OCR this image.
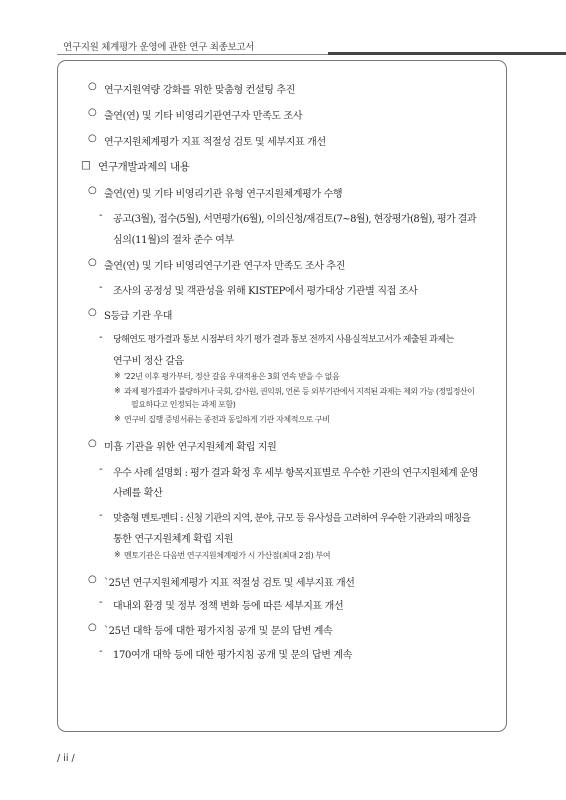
연구지원 체계평가 운영에 관한 연구 최종보고서
○ 연구지원역량 강화를 위한 맞춤형 컨설팅 추진
○ 출연(연) 및 기타 비영리기관연구자 만족도 조사
○ 연구지원체계평가 지표 적절성 검토 및 세부지표 개선
□ 연구개발과제의 내용
○ 출연(연) 및 기타 비영리기관 유형 연구지원체계평가 수행
- 공고(3월), 접수(5월), 서면평가(6월), 이의신청/재검토(7~8월), 현장평가(8월), 평가 결과
심의(11월)의 절차 준수 여부
○ 출연(연) 및 기타 비영리연구기관 연구자 만족도 조사 추진
- 조사의 공정성 및 객관성을 위해 KISTEP에서 평가대상 기관별 직접 조사
○ S등급 기관 우대
- 당해연도 평가결과 통보 시점부터 차기 평가 결과 통보 전까지 사용실적보고서가 제출된 과제는
연구비 정산 갈음
※ '22년 이후 평가부터, 정산 갈음 우대적용은 3회 연속 받을 수 없음
※ 과제 평가결과가 불량하거나 국회, 감사원, 권익위, 언론 등 외부기관에서 지적된 과제는 제외 가능 (정밀정산이
필요하다고 인정되는 과제 포함)
※ 연구비 집행 증빙서류는 종전과 동일하게 기관 자체적으로 구비
○ 미흡 기관을 위한 연구지원체계 확립 지원
- 우수 사례 설명회 : 평가 결과 확정 후 세부 항목지표별로 우수한 기관의 연구지원체계 운영
사례를 확산
- 맞춤형 멘토-멘티 : 신청 기관의 지역, 분야, 규모 등 유사성을 고려하여 우수한 기관과의 매칭을
통한 연구지원체계 확립 지원
※ 멘토기관은 다음번 연구지원체계평가 시 가산점(최대 2점) 부여
○ `25년 연구지원체계평가 지표 적절성 검토 및 세부지표 개선
- 대내외 환경 및 정부 정책 변화 등에 따른 세부지표 개선
○ `25년 대학 등에 대한 평가지침 공개 및 문의 답변 계속
- 170여개 대학 등에 대한 평가지침 공개 및 문의 답변 계속
/ ii /
